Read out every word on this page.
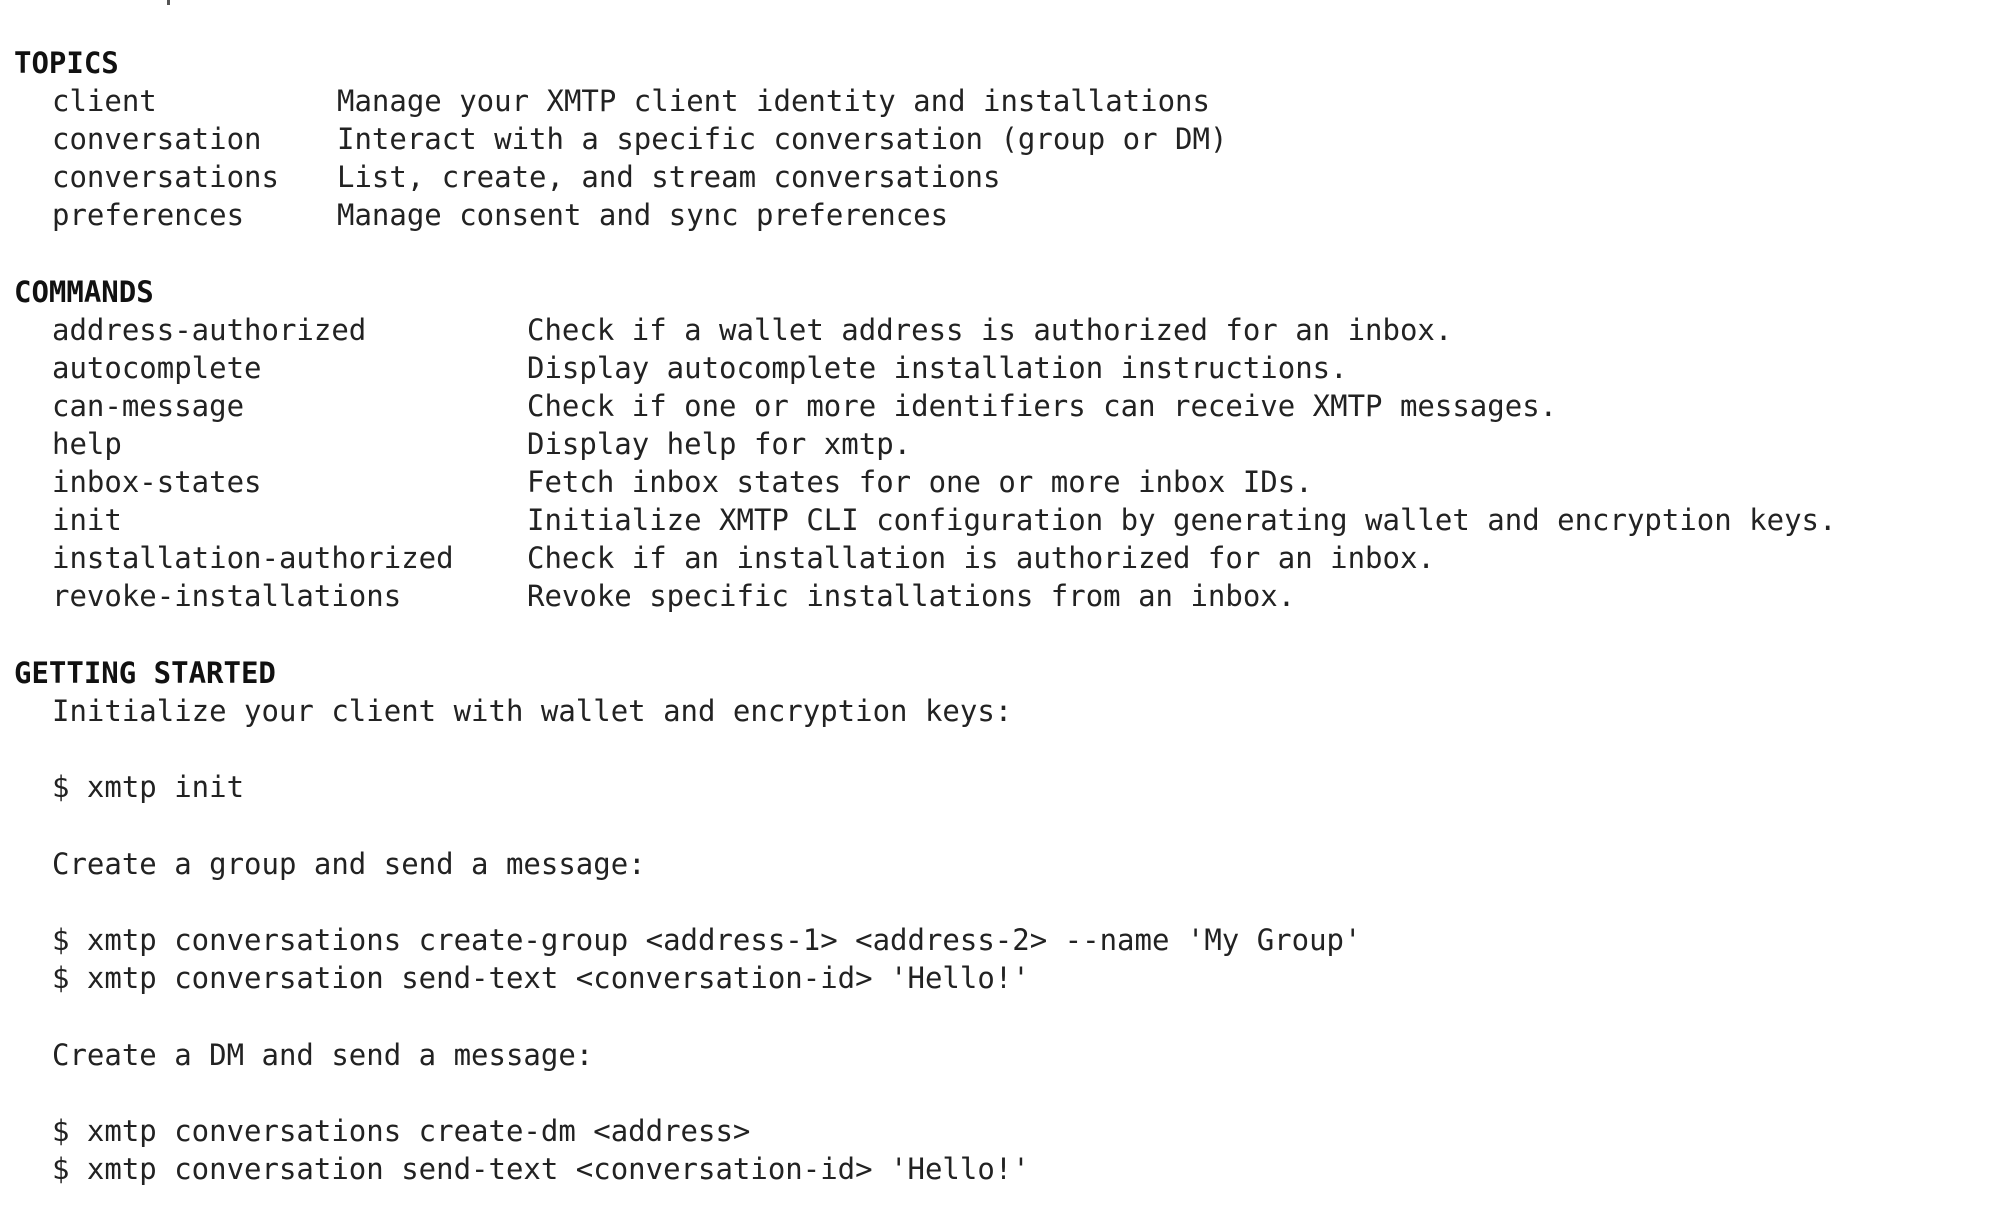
TOPICS
client	Manage your XMTP client identity and installations
conversation	Interact with a specific conversation (group or DM)
conversations List, create, and stream conversations
preferences	Manage consent and sync preferences
COMMANDS
address-authorized	Check if a wallet address is authorized for an inbox.
autocomplete	Display autocomplete installation instructions.
can-message	Check if one or more identifiers can receive XMTP messages.
help	Display help for xmtp.
inbox-states	Fetch inbox states for one or more inbox IDs.
init	Initialize XMTP CLI configuration by generating wallet and encryption keys.
installation-authorized	Check if an installation is authorized for an inbox.
revoke-installations	Revoke specific installations from an inbox.
GETTING STARTED
Initialize your client with wallet and encryption keys:
$ xmtp init
Create a group and send a message:
$ xmtp conversations create-group <address-1> <address-2> --name 'My Group'
$ xmtp conversation send-text <conversation-id> 'Hello!'
Create a DM and send a message:
$ xmtp conversations create-dm <address>
$ xmtp conversation send-text <conversation-id> 'Hello!'
